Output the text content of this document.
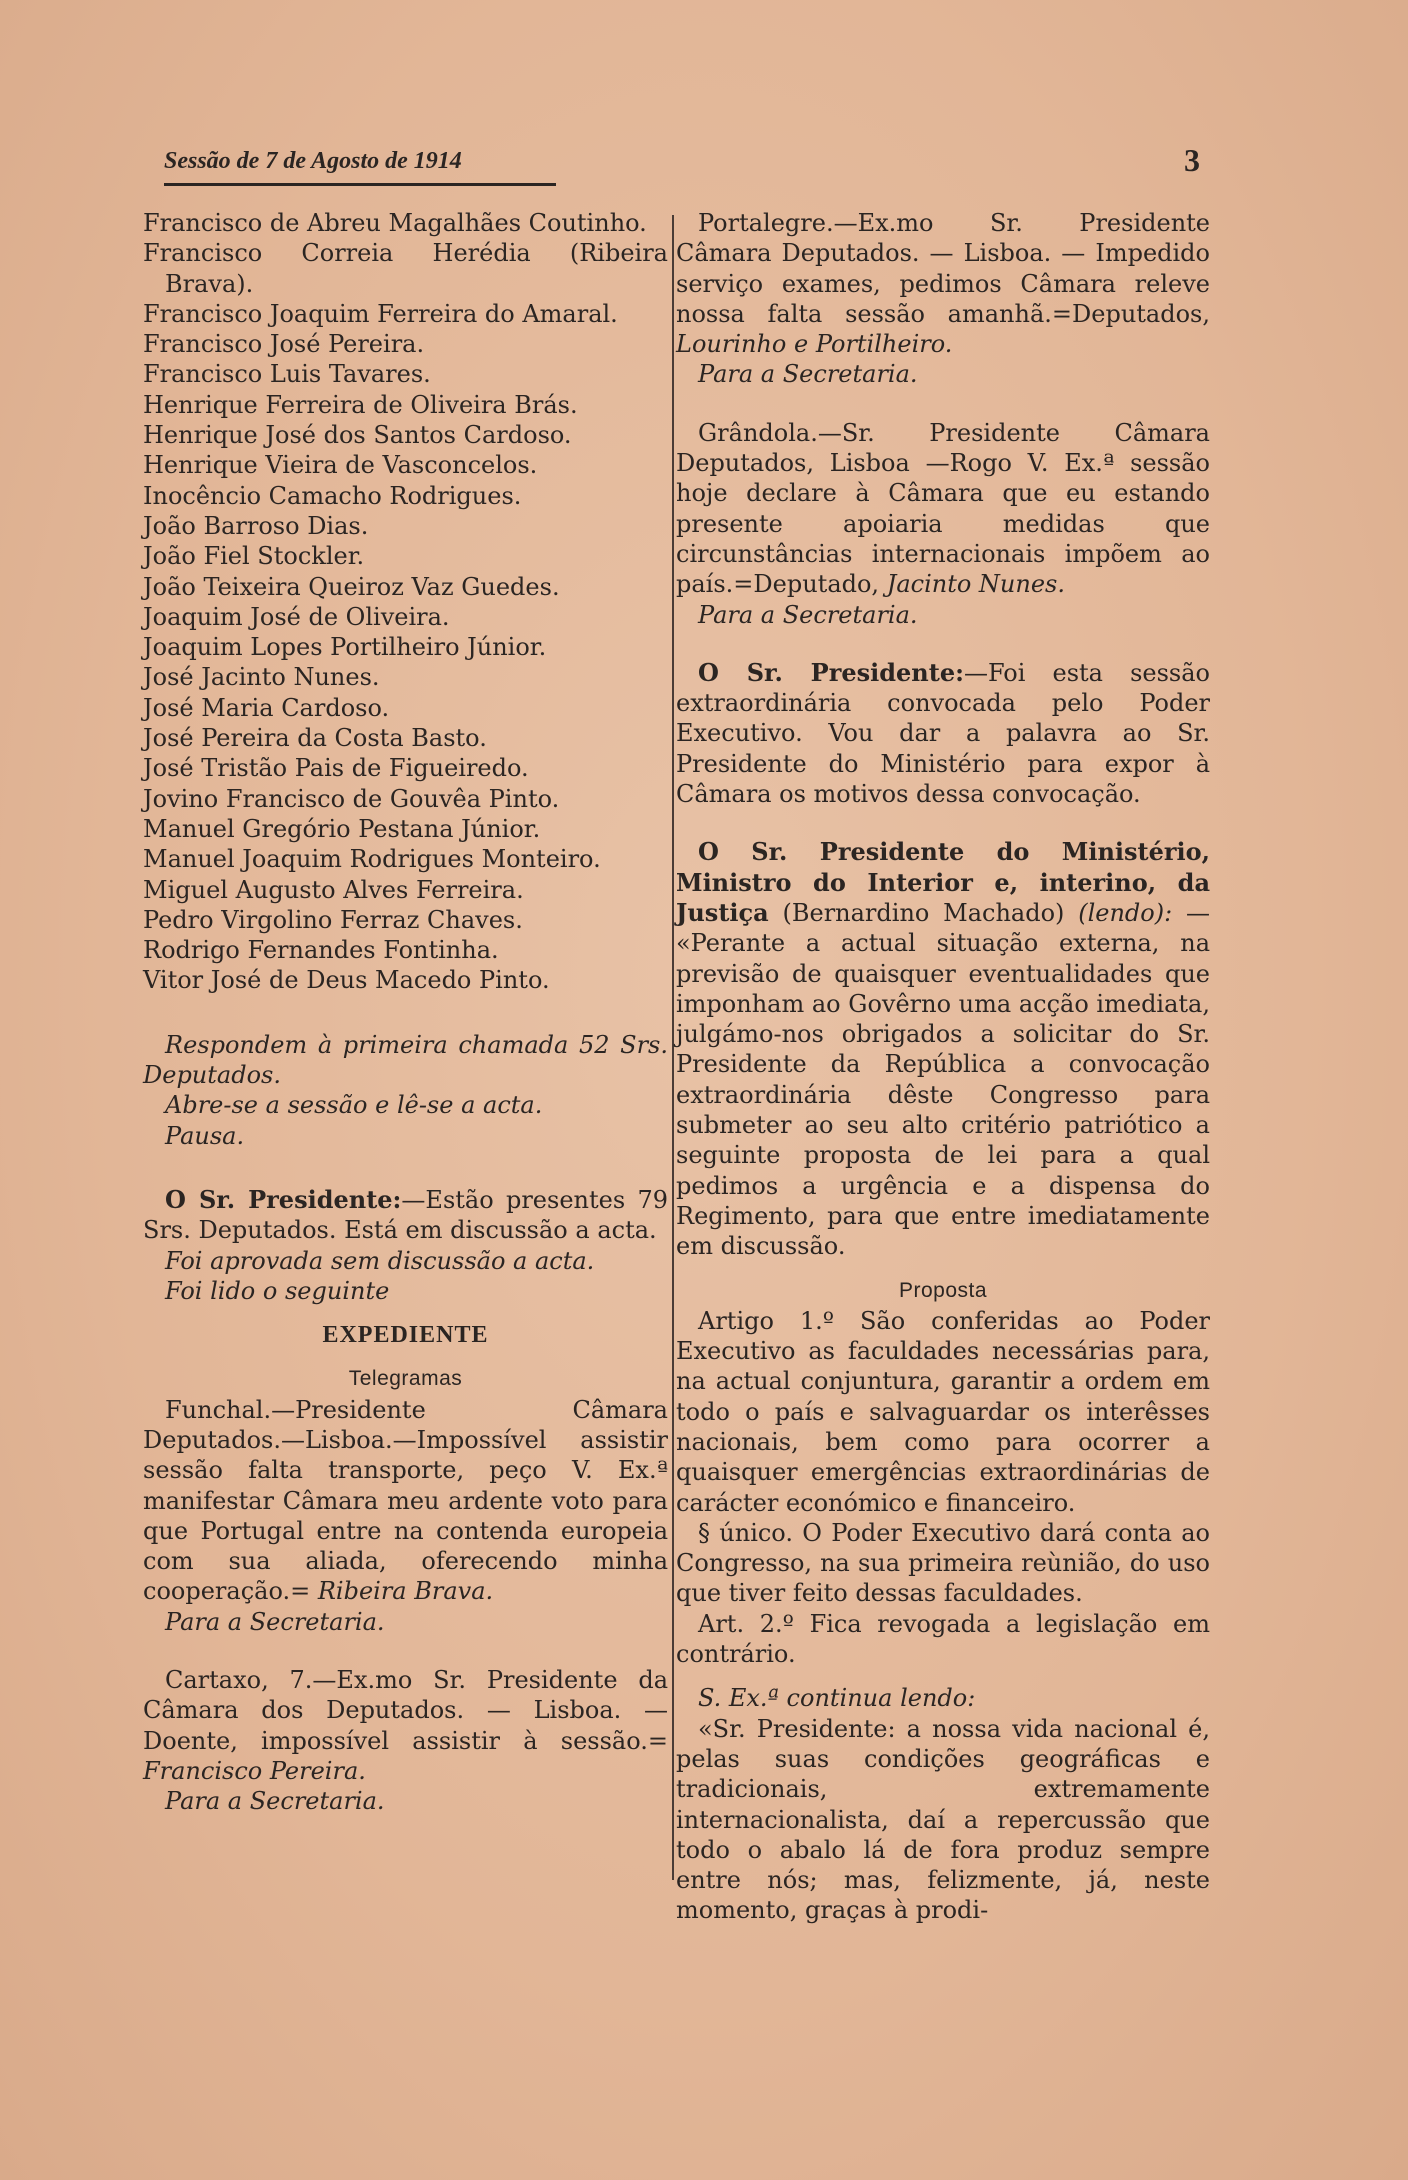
Sessão de 7 de Agosto de 1914	3

Francisco de Abreu Magalhães Coutinho.

Francisco Correia Herédia (Ribeira Brava).

Francisco Joaquim Ferreira do Amaral.

Francisco José Pereira.

Francisco Luis Tavares.

Henrique Ferreira de Oliveira Brás.

Henrique José dos Santos Cardoso.

Henrique Vieira de Vasconcelos.

Inocêncio Camacho Rodrigues.

João Barroso Dias.

João Fiel Stockler.

João Teixeira Queiroz Vaz Guedes.

Joaquim José de Oliveira.

Joaquim Lopes Portilheiro Júnior.

José Jacinto Nunes.

José Maria Cardoso.

José Pereira da Costa Basto.

José Tristão Pais de Figueiredo.

Jovino Francisco de Gouvêa Pinto.

Manuel Gregório Pestana Júnior.

Manuel Joaquim Rodrigues Monteiro.

Miguel Augusto Alves Ferreira.

Pedro Virgolino Ferraz Chaves.

Rodrigo Fernandes Fontinha.

Vitor José de Deus Macedo Pinto.

Respondem à primeira chamada 52 Srs. Deputados.

Abre-se a sessão e lê-se a acta.

Pausa.

O Sr. Presidente:—Estão presentes 79 Srs. Deputados. Está em discussão a acta.

Foi aprovada sem discussão a acta.

Foi lido o seguinte

EXPEDIENTE

Telegramas

Funchal.—Presidente Câmara Deputados.—Lisboa.—Impossível assistir sessão falta transporte, peço V. Ex.ª manifestar Câmara meu ardente voto para que Portugal entre na contenda europeia com sua aliada, oferecendo minha cooperação.= Ribeira Brava.

Para a Secretaria.

Cartaxo, 7.—Ex.mo Sr. Presidente da Câmara dos Deputados. — Lisboa. — Doente, impossível assistir à sessão.= Francisco Pereira.

Para a Secretaria.

Portalegre.—Ex.mo Sr. Presidente Câmara Deputados. — Lisboa. — Impedido serviço exames, pedimos Câmara releve nossa falta sessão amanhã.=Deputados, Lourinho e Portilheiro.

Para a Secretaria.

Grândola.—Sr. Presidente Câmara Deputados, Lisboa —Rogo V. Ex.ª sessão hoje declare à Câmara que eu estando presente apoiaria medidas que circunstâncias internacionais impõem ao país.=Deputado, Jacinto Nunes.

Para a Secretaria.

O Sr. Presidente:—Foi esta sessão extraordinária convocada pelo Poder Executivo. Vou dar a palavra ao Sr. Presidente do Ministério para expor à Câmara os motivos dessa convocação.

O Sr. Presidente do Ministério, Ministro do Interior e, interino, da Justiça (Bernardino Machado) (lendo): — «Perante a actual situação externa, na previsão de quaisquer eventualidades que imponham ao Govêrno uma acção imediata, julgámo-nos obrigados a solicitar do Sr. Presidente da República a convocação extraordinária dêste Congresso para submeter ao seu alto critério patriótico a seguinte proposta de lei para a qual pedimos a urgência e a dispensa do Regimento, para que entre imediatamente em discussão.

Proposta

Artigo 1.º São conferidas ao Poder Executivo as faculdades necessárias para, na actual conjuntura, garantir a ordem em todo o país e salvaguardar os interêsses nacionais, bem como para ocorrer a quaisquer emergências extraordinárias de carácter económico e financeiro.

§ único. O Poder Executivo dará conta ao Congresso, na sua primeira reùnião, do uso que tiver feito dessas faculdades.

Art. 2.º Fica revogada a legislação em contrário.

S. Ex.ª continua lendo:

«Sr. Presidente: a nossa vida nacional é, pelas suas condições geográficas e tradicionais, extremamente internacionalista, daí a repercussão que todo o abalo lá de fora produz sempre entre nós; mas, felizmente, já, neste momento, graças à prodi-
